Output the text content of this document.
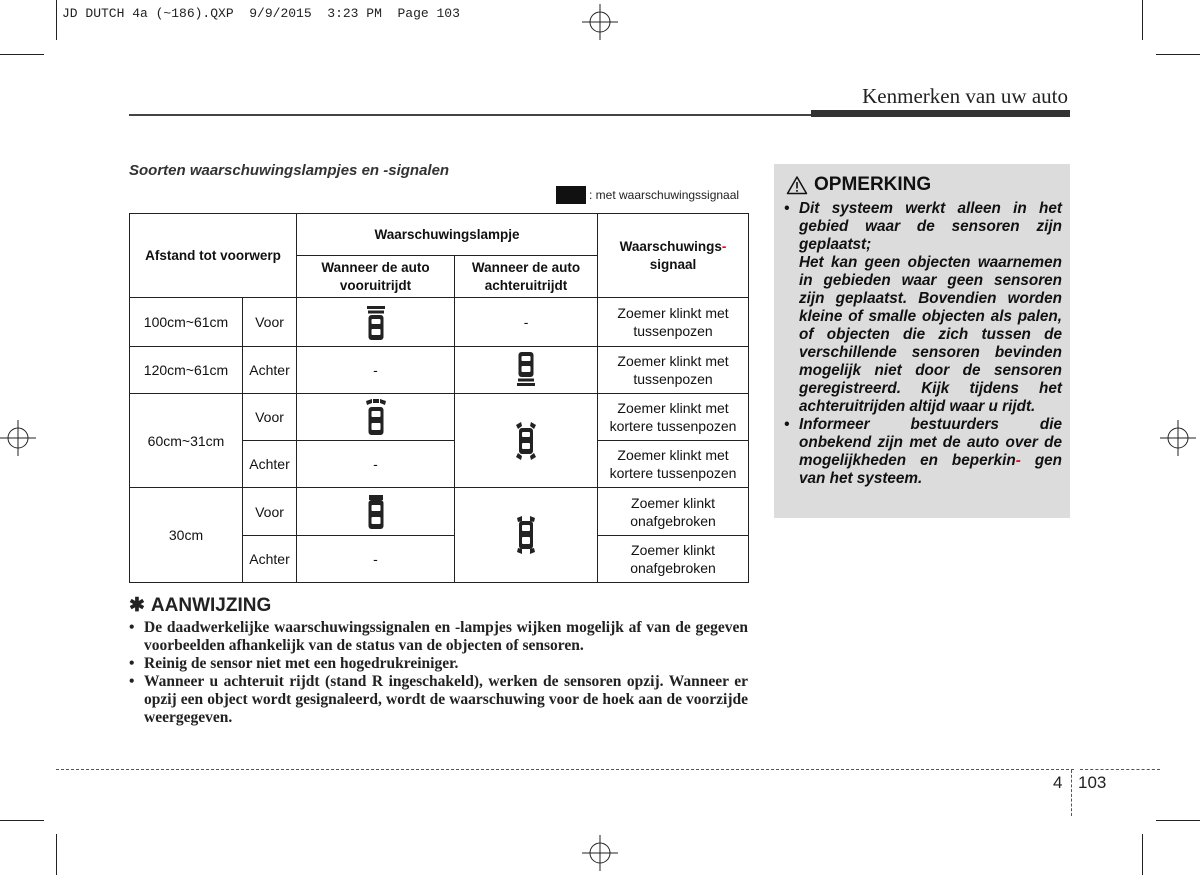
JD DUTCH 4a (~186).QXP 9/9/2015 3:23 PM Page 103
Kenmerken van uw auto
Soorten waarschuwingslampjes en -signalen
: met waarschuwingssignaal
Afstand tot voorwerp		Waarschuwingslampje		Waarschuwings-
signaal
		Wanneer de auto vooruitrijdt	Wanneer de auto achteruitrijdt	
100cm~61cm	Voor		-	Zoemer klinkt met tussenpozen
120cm~61cm	Achter	-		Zoemer klinkt met tussenpozen
60cm~31cm	Voor			Zoemer klinkt met kortere tussenpozen
	Achter	-		Zoemer klinkt met kortere tussenpozen
30cm	Voor			Zoemer klinkt onafgebroken
	Achter	-		Zoemer klinkt onafgebroken
OPMERKING
• Dit systeem werkt alleen in het gebied waar de sensoren zijn geplaatst;

Het kan geen objecten waarnemen in gebieden waar geen sensoren zijn geplaatst. Bovendien worden kleine of smalle objecten als palen, of objecten die zich tussen de verschillende sensoren bevinden mogelijk niet door de sensoren geregistreerd. Kijk tijdens het achteruitrijden altijd waar u rijdt.

• Informeer bestuurders die onbekend zijn met de auto over de mogelijkheden en beperkin- gen van het systeem.

✱ AANWIJZING
• De daadwerkelijke waarschuwingssignalen en -lampjes wijken mogelijk af van de gegeven voorbeelden afhankelijk van de status van de objecten of sensoren.
• Reinig de sensor niet met een hogedrukreiniger.
• Wanneer u achteruit rijdt (stand R ingeschakeld), werken de sensoren opzij. Wanneer er opzij een object wordt gesignaleerd, wordt de waarschuwing voor de hoek aan de voorzijde weergegeven.
4 103
